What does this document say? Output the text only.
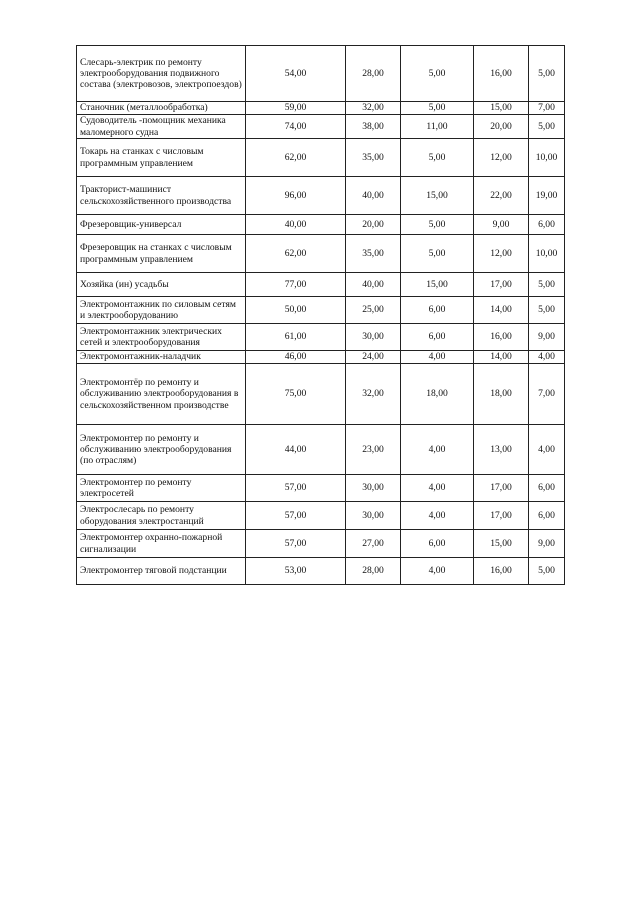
Слесарь-электрик по ремонту электрооборудования подвижного состава (электровозов, электропоездов)	54,00	28,00	5,00	16,00	5,00
Станочник (металлообработка)	59,00	32,00	5,00	15,00	7,00
Судоводитель -помощник механика маломерного судна	74,00	38,00	11,00	20,00	5,00
Токарь на станках с числовым программным управлением	62,00	35,00	5,00	12,00	10,00
Тракторист-машинист сельскохозяйственного производства	96,00	40,00	15,00	22,00	19,00
Фрезеровщик-универсал	40,00	20,00	5,00	9,00	6,00
Фрезеровщик на станках с числовым программным управлением	62,00	35,00	5,00	12,00	10,00
Хозяйка (ин) усадьбы	77,00	40,00	15,00	17,00	5,00
Электромонтажник по силовым сетям и электрооборудованию	50,00	25,00	6,00	14,00	5,00
Электромонтажник электрических сетей и электрооборудования	61,00	30,00	6,00	16,00	9,00
Электромонтажник-наладчик	46,00	24,00	4,00	14,00	4,00
Электромонтёр по ремонту и обслуживанию электрооборудования в сельскохозяйственном производстве	75,00	32,00	18,00	18,00	7,00
Электромонтер по ремонту и обслуживанию электрооборудования (по отраслям)	44,00	23,00	4,00	13,00	4,00
Электромонтер по ремонту электросетей	57,00	30,00	4,00	17,00	6,00
Электрослесарь по ремонту оборудования электростанций	57,00	30,00	4,00	17,00	6,00
Электромонтер охранно-пожарной сигнализации	57,00	27,00	6,00	15,00	9,00
Электромонтер тяговой подстанции	53,00	28,00	4,00	16,00	5,00
